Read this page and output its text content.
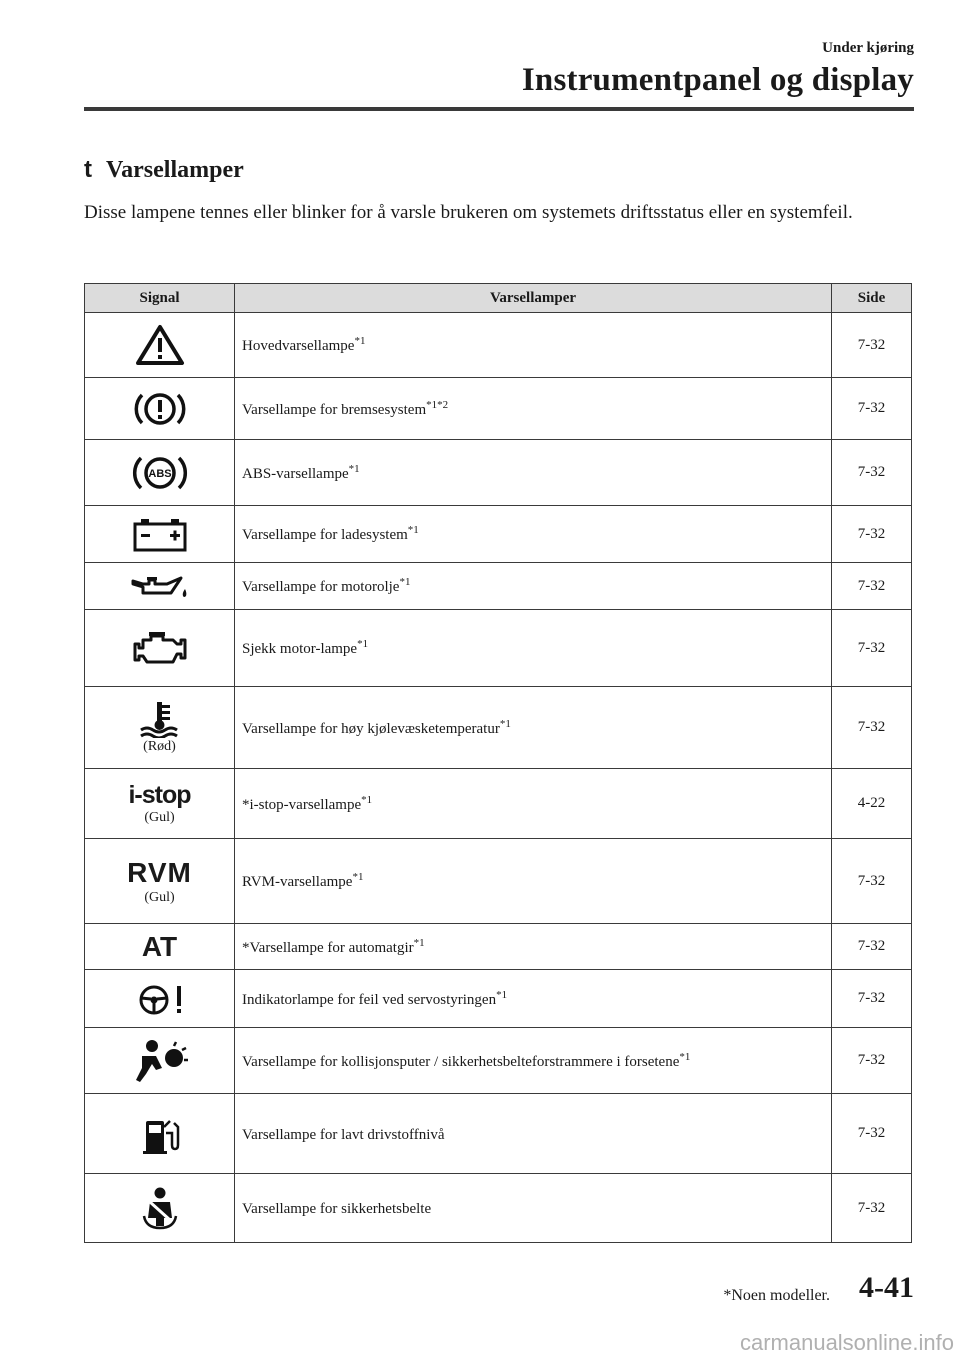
Under kjøring
Instrumentpanel og display
t Varsellamper
Disse lampene tennes eller blinker for å varsle brukeren om systemets driftsstatus eller en systemfeil.
Signal	Varsellamper	Side

	Hovedvarsellampe$^{*1}$	7-32

	Varsellampe for bremsesystem$^{*1*2}$	7-32

ABS	ABS-varsellampe$^{*1}$	7-32

	Varsellampe for ladesystem$^{*1}$	7-32

	Varsellampe for motorolje$^{*1}$	7-32

	Sjekk motor-lampe$^{*1}$	7-32

(Rød)	Varsellampe for høy kjølevæsketemperatur$^{*1}$	7-32

i-stop
(Gul)	*i-stop-varsellampe$^{*1}$	4-22

RVM
(Gul)	RVM-varsellampe$^{*1}$	7-32

AT	*Varsellampe for automatgir$^{*1}$	7-32

	Indikatorlampe for feil ved servostyringen$^{*1}$	7-32

	Varsellampe for kollisjonsputer / sikkerhetsbelteforstrammere i forsetene$^{*1}$	7-32

	Varsellampe for lavt drivstoffnivå	7-32

	Varsellampe for sikkerhetsbelte	7-32
*Noen modeller. 4-41
carmanualsonline.info
